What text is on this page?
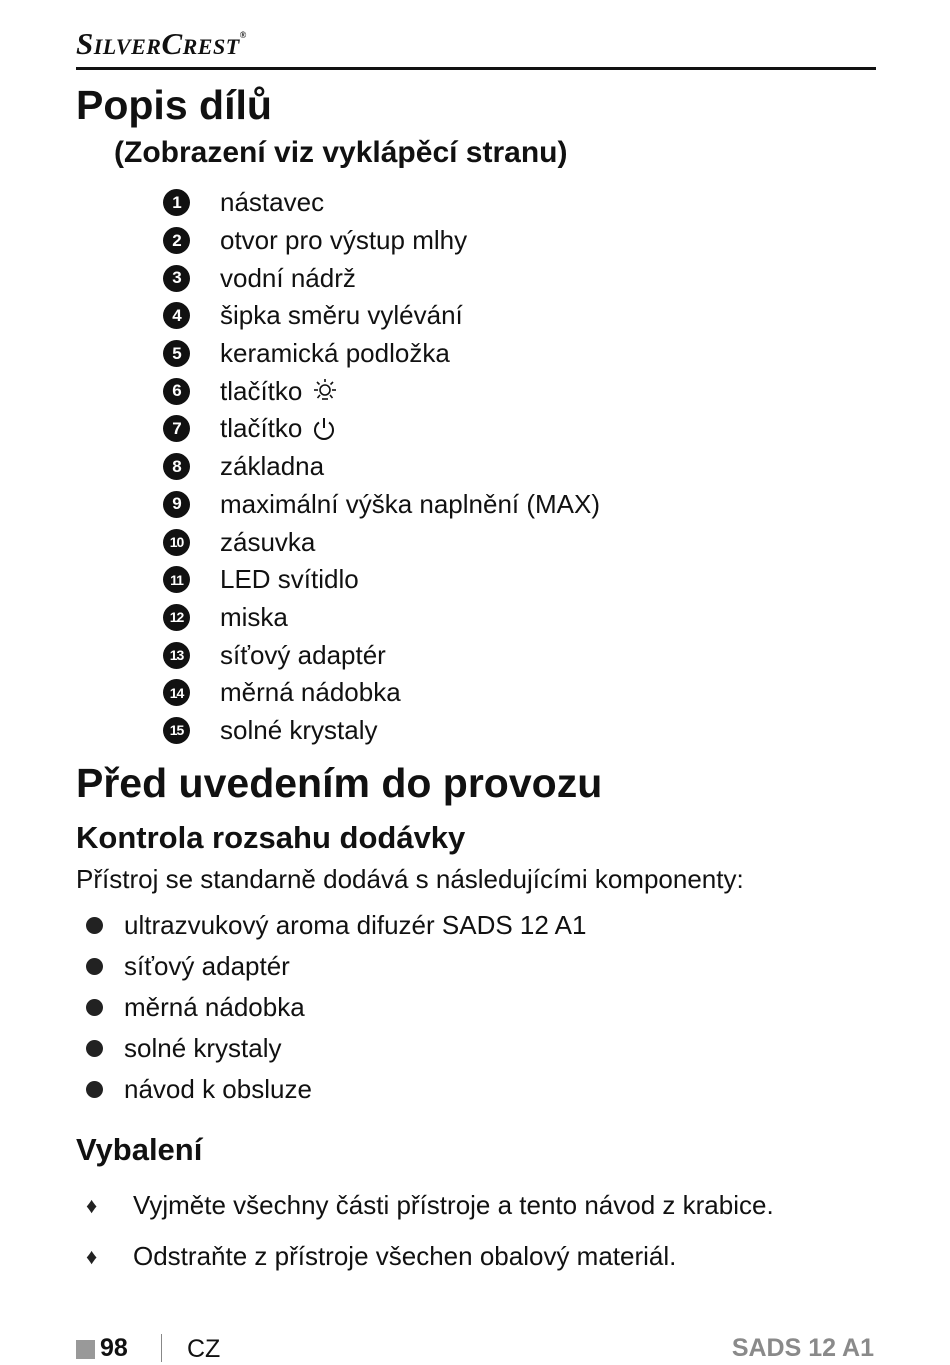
SilverCrest®
Popis dílů
(Zobrazení viz vyklápěcí stranu)
1	nástavec
2	otvor pro výstup mlhy
3	vodní nádrž
4	šipka směru vylévání
5	keramická podložka
6	tlačítko
7	tlačítko
8	základna
9	maximální výška naplnění (MAX)
10 zásuvka
11 LED svítidlo
12 miska
13 síťový adaptér
14 měrná nádobka
15 solné krystaly
Před uvedením do provozu
Kontrola rozsahu dodávky
Přístroj se standarně dodává s následujícími komponenty:
ultrazvukový aroma difuzér SADS 12 A1
síťový adaptér
měrná nádobka
solné krystaly
návod k obsluze
Vybalení
♦	Vyjměte všechny části přístroje a tento návod z krabice.
♦	Odstraňte z přístroje všechen obalový materiál.
98 CZ	SADS 12 A1
